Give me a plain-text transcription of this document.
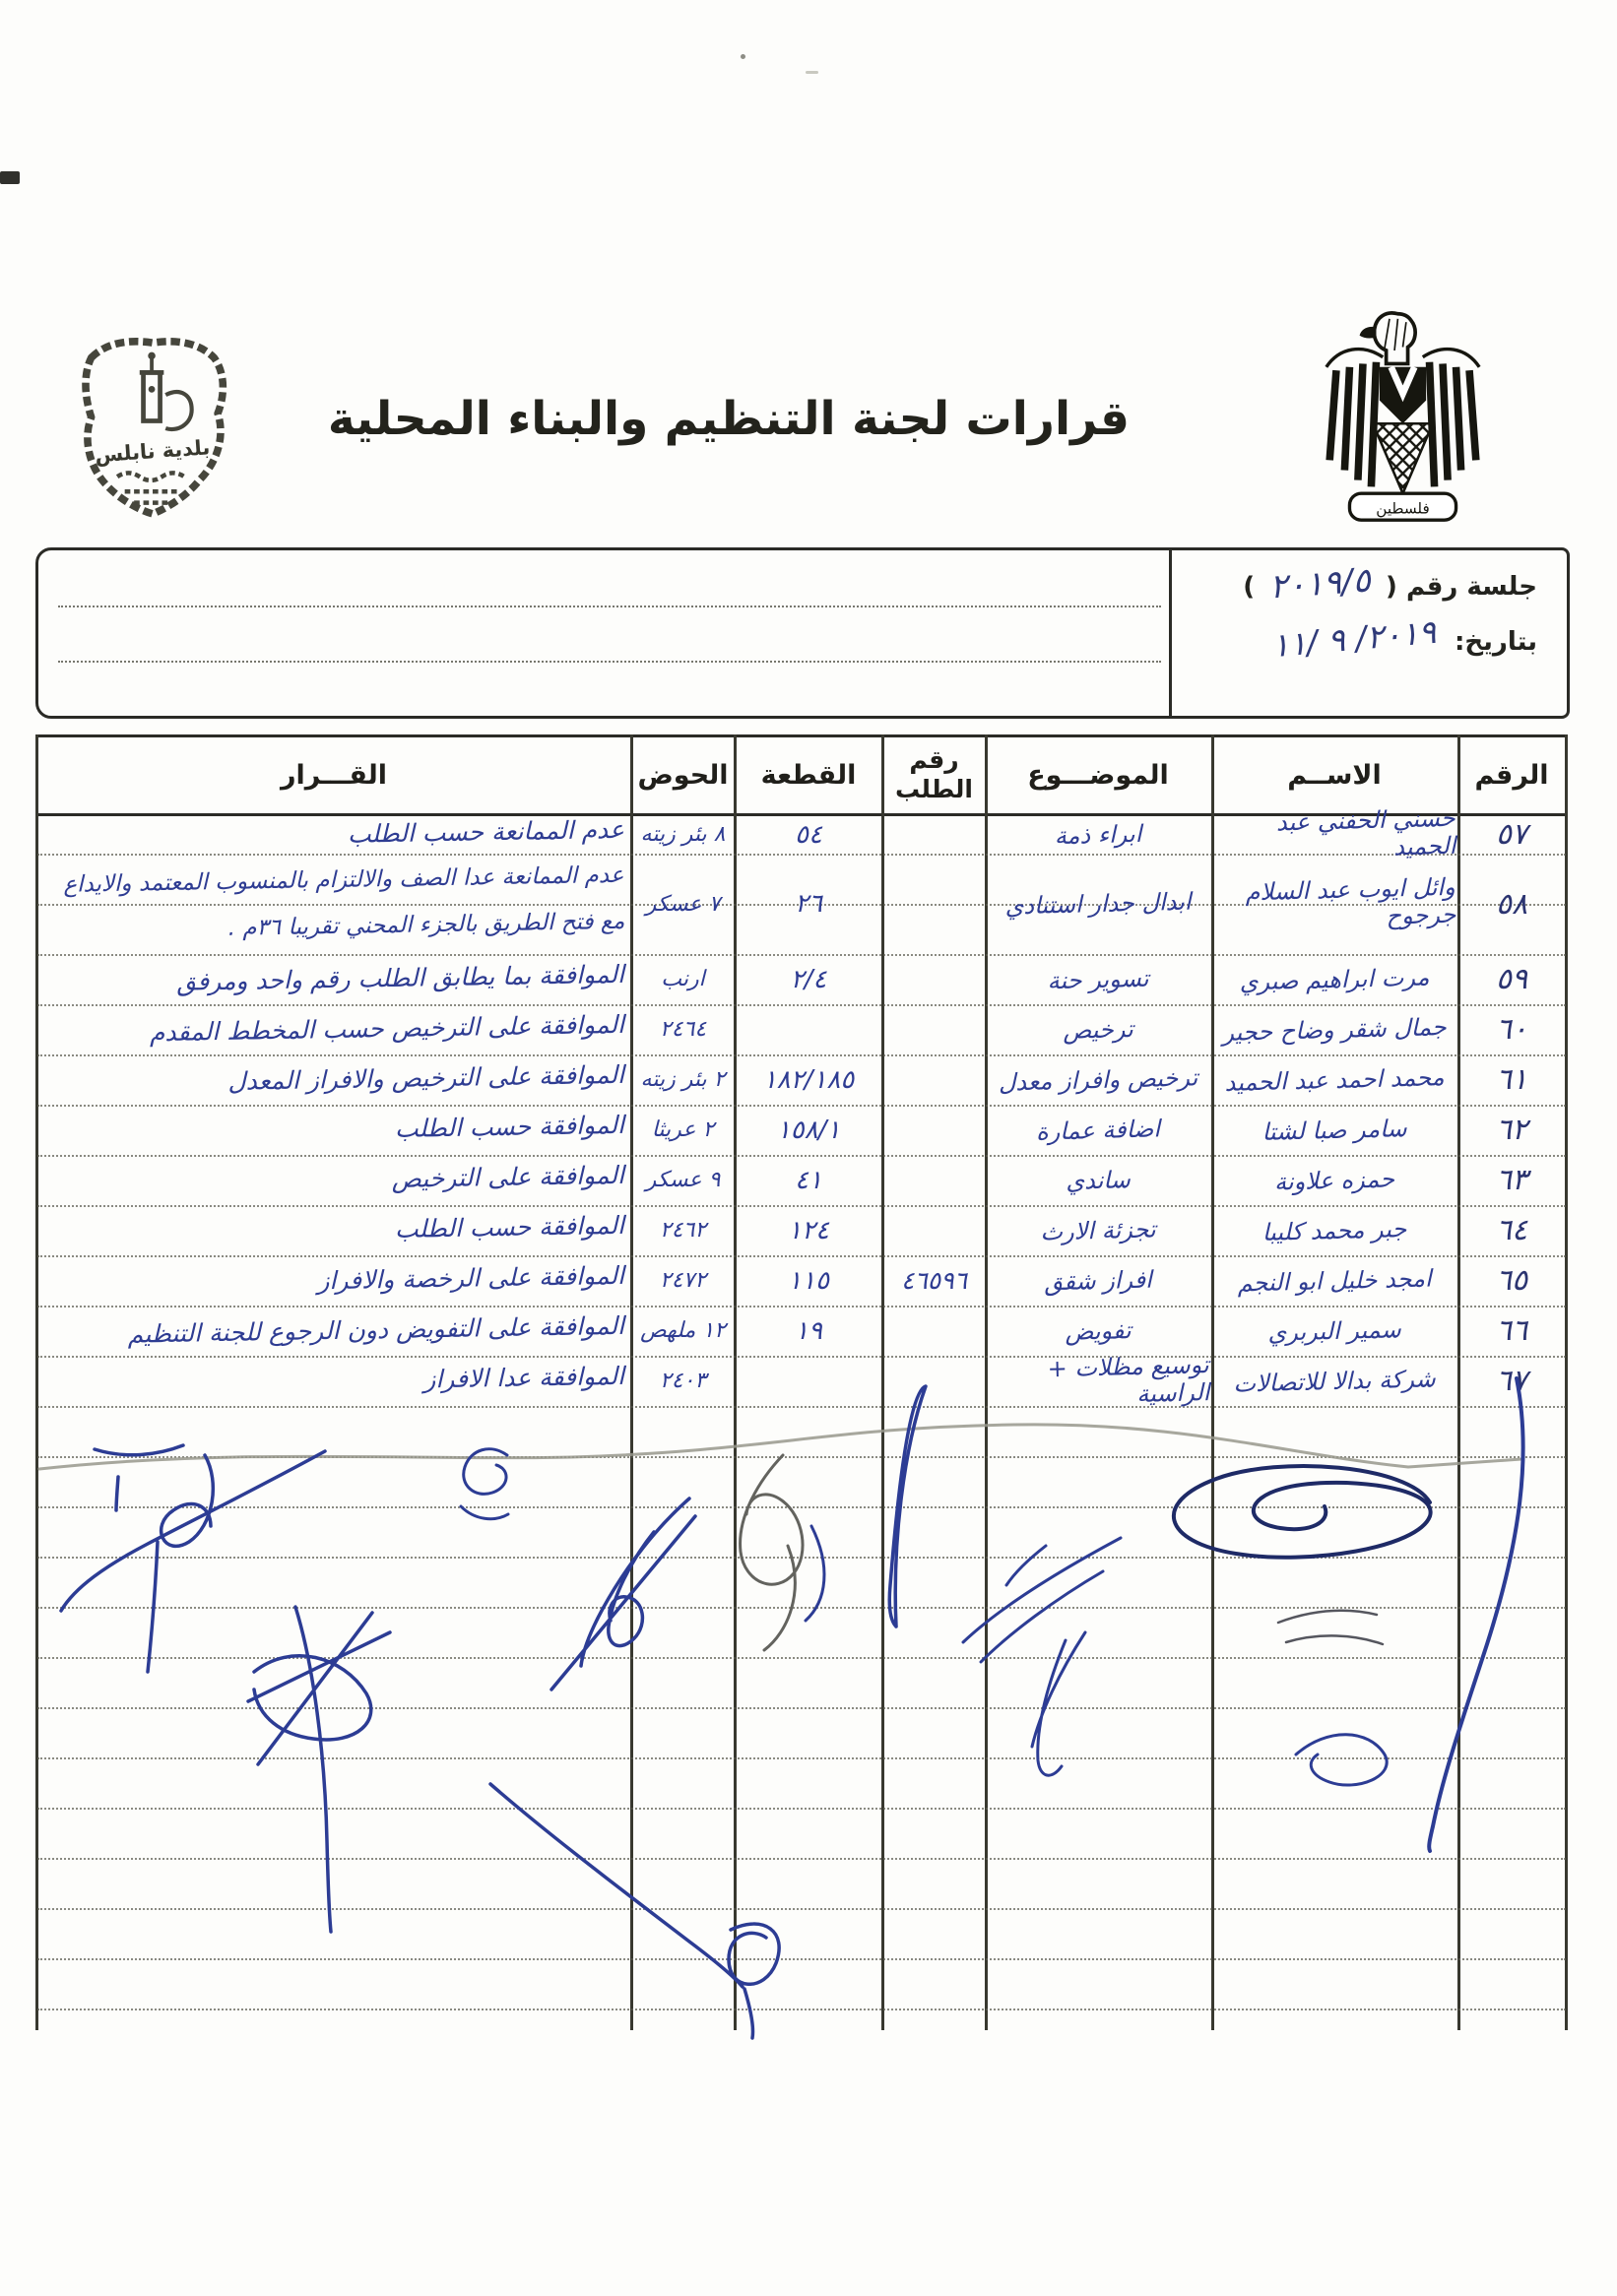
بلدية نابلس
قرارات لجنة التنظيم والبناء المحلية
فلسطين
جلسة رقم ( ٢٠١٩/٥ )
بتاريخ: ٢٠١٩/ ٩ /١١
الرقم
الاســم
الموضـــوع
رقم
الطلب
القطعة
الحوض
القـــرار
٥٧
حسني الحفني عبد الحميد
ابراء ذمة
٥٤
٨ بئر زيته
عدم الممانعة حسب الطلب
٥٨
وائل ايوب عبد السلام جرجوح
ابدال جدار استنادي
٢٦
٧ عسكر
عدم الممانعة عدا الصف والالتزام بالمنسوب المعتمد والايداع مع فتح الطريق بالجزء المحني تقريبا ٣٦م .
٥٩
مرت ابراهيم صبري
تسوير حنة
٢/٤
ارنب
الموافقة بما يطابق الطلب رقم واحد ومرفق
٦٠
جمال شقر وضاح حجير
ترخيص
٢٤٦٤
الموافقة على الترخيص حسب المخطط المقدم
٦١
محمد احمد عبد الحميد
ترخيص وافراز معدل
١٨٢/١٨٥
٢ بئر زيته
الموافقة على الترخيص والافراز المعدل
٦٢
سامر صبا لشتا
اضافة عمارة
١٥٨/١
٢ عريثا
الموافقة حسب الطلب
٦٣
حمزه علاونة
ساندي
٤١
٩ عسكر
الموافقة على الترخيص
٦٤
جبر محمد كليبا
تجزئة الارث
١٢٤
٢٤٦٢
الموافقة حسب الطلب
٦٥
امجد خليل ابو النجم
افراز شقق
٤٦٥٩٦
١١٥
٢٤٧٢
الموافقة على الرخصة والافراز
٦٦
سمير البربري
تفويض
١٩
١٢ ملهص
الموافقة على التفويض دون الرجوع للجنة التنظيم
٦٧
شركة بدالا للاتصالات
توسيع مظلات + الراسية
٢٤٠٣
الموافقة عدا الافراز
